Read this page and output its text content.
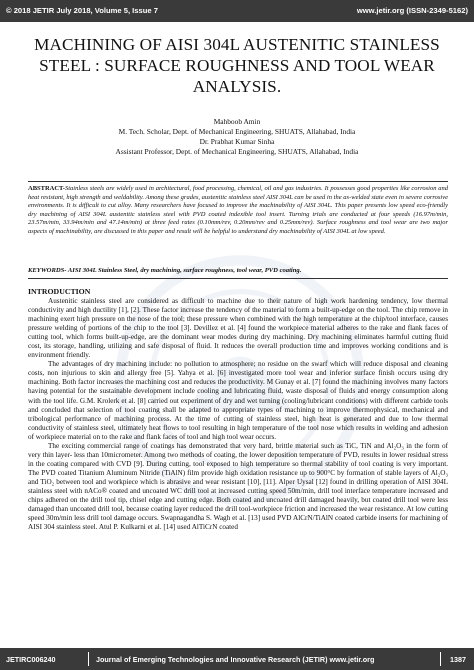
© 2018 JETIR July 2018, Volume 5, Issue 7	www.jetir.org (ISSN-2349-5162)
MACHINING OF AISI 304L AUSTENITIC STAINLESS STEEL : SURFACE ROUGHNESS AND TOOL WEAR ANALYSIS.
Mahboob Amin
M. Tech. Scholar, Dept. of Mechanical Engineering, SHUATS, Allahabad, India
Dr. Prabhat Kumar Sinha
Assistant Professor, Dept. of Mechanical Engineering, SHUATS, Allahabad, India
ABSTRACT-Stainless steels are widely used in architectural, food processing, chemical, oil and gas industries. It possesses good properties like corrosion and heat resistant, high strength and weldability. Among these grades, austenitic stainless steel AISI 304L can be used in the as-welded state even in severe corrosive environments. It is difficult to cut alloy. Many researchers have focused to improve the machinability of AISI 304L. This paper presents low speed eco-friendly dry machining of AISI 304L austenitic stainless steel with PVD coated indexible tool insert. Turning trials are conducted at four speeds (16.97m/min, 23.57m/min, 33.94m/min and 47.14m/min) at three feed rates (0.10mm/rev, 0.20mm/rev and 0.25mm/rev). Surface roughness and tool wear are two major aspects of machinability, are discussed in this paper and result will be helpful to understand dry machinability of AISI 304L at low speed.
KEYWORDS- AISI 304L Stainless Steel, dry machining, surface roughness, tool wear, PVD coating.
INTRODUCTION

Austenitic stainless steel are considered as difficult to machine due to their nature of high work hardening tendency, low thermal conductivity and high ductility [1], [2]. These factor increase the tendency of the material to form a built-up-edge on the tool. The chip remove in machining exert high pressure on the nose of the tool; these pressure when combined with the high temperature at the chip/tool interface, causes pressure welding of portions of the chip to the tool [3]. Devillez et al. [4] found the workpiece material adheres to the rake and flank faces of cutting tool, which forms built-up-edge, are the dominant wear modes during dry machining. Dry machining eliminates harmful cutting fluid cost, its storage, handling, utilizing and safe disposal of fluid. It reduces the overall production time and improves working conditions and is environment friendly.

The advantages of dry machining include: no pollution to atmosphere; no residue on the swarf which will reduce disposal and cleaning costs, non injurious to skin and allergy free [5]. Yahya et al. [6] investigated more tool wear and inferior surface finish occurs using dry machining. Both factor increases the machining cost and reduces the productivity. M Gunay et al. [7] found the machining involves many factors having potential for the sustainable development include cooling and lubricating fluid, waste disposal of fluids and energy consumption along with the tool life. G.M. Krolerk et al. [8] carried out experiment of dry and wet turning (cooling/lubricant conditions) with different carbide tools and concluded that selection of tool coating shall be adapted to appropriate types of machining to improve thermophysical, mechanical and tribological performance of machining process. At the time of cutting of stainless steel, high heat is generated and due to low thermal conductivity of stainless steel, ultimately heat flows to tool resulting in high temperature of the tool nose which results in welding and adhesion of workpiece material on to the rake and flank faces of tool and high tool wear occurs.

The exciting commercial range of coatings has demonstrated that very hard, brittle material such as TiC, TiN and Al₂O₃ in the form of very thin layer- less than 10micrometer. Among two methods of coating, the lower deposition temperature of PVD, results in lower residual stress in the coating compared with CVD [9]. During cutting, tool exposed to high temperature so thermal stability of tool coating is very important. The PVD coated Titanium Aluminum Nitride (TiAlN) film provide high oxidation resistance up to 900°C by formation of stable layers of Al₂O₃ and TiO₂ between tool and workpiece which is abrasive and wear resistant [10], [11]. Alper Uysal [12] found in drilling operation of AISI 304L stainless steel with nACo® coated and uncoated WC drill tool at increased cutting speed 50m/min, drill tool interface temperature increased and chips adhered on the drill tool tip, chisel edge and cutting edge. Both coated and uncoated drill damaged heavily, but coated drill tool were less damaged than uncoated drill tool, because coating layer reduced the drill tool-workpiece friction and increased the wear resistance. At low cutting speed 30m/min less drill tool damage occurs. Swapnagandha S. Wagh et al. [13] used PVD AlCrN/TiAlN coated carbide inserts for machining of AISI 304 stainless steel. Atul P. Kulkarni et al. [14] used AlTiCrN coated

JETIRC006240	Journal of Emerging Technologies and Innovative Research (JETIR) www.jetir.org	1387
